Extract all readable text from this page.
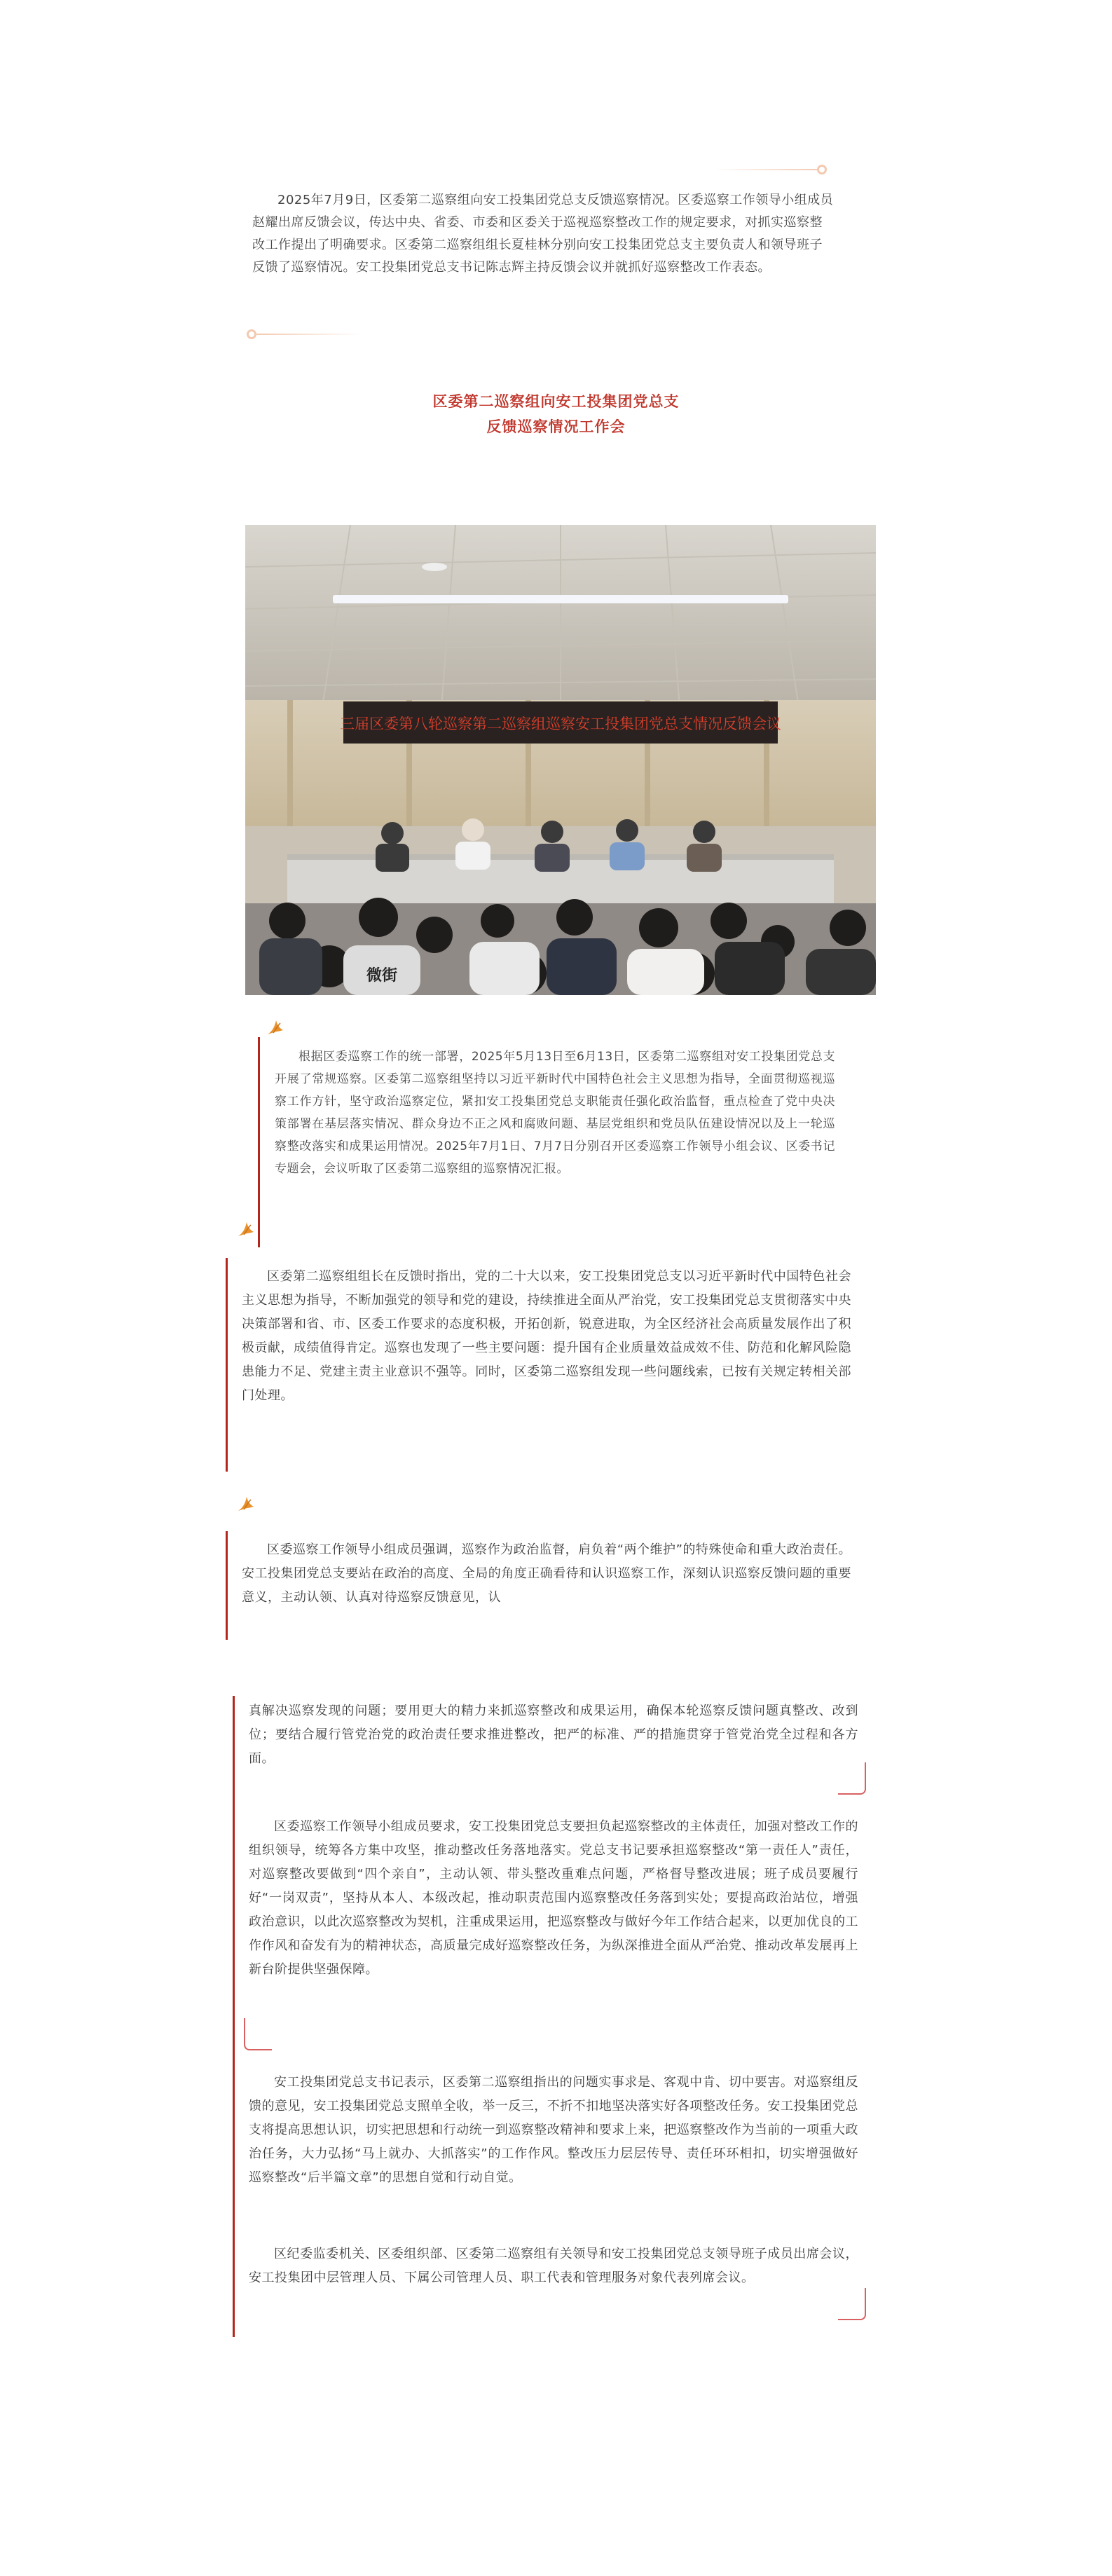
2025年7月9日，区委第二巡察组向安工投集团党总支反馈巡察情况。区委巡察工作领导小组成员赵耀出席反馈会议，传达中央、省委、市委和区委关于巡视巡察整改工作的规定要求，对抓实巡察整改工作提出了明确要求。区委第二巡察组组长夏桂林分别向安工投集团党总支主要负责人和领导班子反馈了巡察情况。安工投集团党总支书记陈志辉主持反馈会议并就抓好巡察整改工作表态。

区委第二巡察组向安工投集团党总支
反馈巡察情况工作会
三届区委第八轮巡察第二巡察组巡察安工投集团党总支情况反馈会议
微街

根据区委巡察工作的统一部署，2025年5月13日至6月13日，区委第二巡察组对安工投集团党总支开展了常规巡察。区委第二巡察组坚持以习近平新时代中国特色社会主义思想为指导，全面贯彻巡视巡察工作方针，坚守政治巡察定位，紧扣安工投集团党总支职能责任强化政治监督，重点检查了党中央决策部署在基层落实情况、群众身边不正之风和腐败问题、基层党组织和党员队伍建设情况以及上一轮巡察整改落实和成果运用情况。2025年7月1日、7月7日分别召开区委巡察工作领导小组会议、区委书记专题会，会议听取了区委第二巡察组的巡察情况汇报。

区委第二巡察组组长在反馈时指出，党的二十大以来，安工投集团党总支以习近平新时代中国特色社会主义思想为指导，不断加强党的领导和党的建设，持续推进全面从严治党，安工投集团党总支贯彻落实中央决策部署和省、市、区委工作要求的态度积极，开拓创新，锐意进取，为全区经济社会高质量发展作出了积极贡献，成绩值得肯定。巡察也发现了一些主要问题：提升国有企业质量效益成效不佳、防范和化解风险隐患能力不足、党建主责主业意识不强等。同时，区委第二巡察组发现一些问题线索，已按有关规定转相关部门处理。

区委巡察工作领导小组成员强调，巡察作为政治监督，肩负着“两个维护”的特殊使命和重大政治责任。安工投集团党总支要站在政治的高度、全局的角度正确看待和认识巡察工作，深刻认识巡察反馈问题的重要意义，主动认领、认真对待巡察反馈意见，认

真解决巡察发现的问题；要用更大的精力来抓巡察整改和成果运用，确保本轮巡察反馈问题真整改、改到位；要结合履行管党治党的政治责任要求推进整改，把严的标准、严的措施贯穿于管党治党全过程和各方面。

区委巡察工作领导小组成员要求，安工投集团党总支要担负起巡察整改的主体责任，加强对整改工作的组织领导，统筹各方集中攻坚，推动整改任务落地落实。党总支书记要承担巡察整改“第一责任人”责任，对巡察整改要做到“四个亲自”，主动认领、带头整改重难点问题，严格督导整改进展；班子成员要履行好“一岗双责”，坚持从本人、本级改起，推动职责范围内巡察整改任务落到实处；要提高政治站位，增强政治意识，以此次巡察整改为契机，注重成果运用，把巡察整改与做好今年工作结合起来，以更加优良的工作作风和奋发有为的精神状态，高质量完成好巡察整改任务，为纵深推进全面从严治党、推动改革发展再上新台阶提供坚强保障。

安工投集团党总支书记表示，区委第二巡察组指出的问题实事求是、客观中肯、切中要害。对巡察组反馈的意见，安工投集团党总支照单全收，举一反三，不折不扣地坚决落实好各项整改任务。安工投集团党总支将提高思想认识，切实把思想和行动统一到巡察整改精神和要求上来，把巡察整改作为当前的一项重大政治任务，大力弘扬“马上就办、大抓落实”的工作作风。整改压力层层传导、责任环环相扣，切实增强做好巡察整改“后半篇文章”的思想自觉和行动自觉。

区纪委监委机关、区委组织部、区委第二巡察组有关领导和安工投集团党总支领导班子成员出席会议，安工投集团中层管理人员、下属公司管理人员、职工代表和管理服务对象代表列席会议。
